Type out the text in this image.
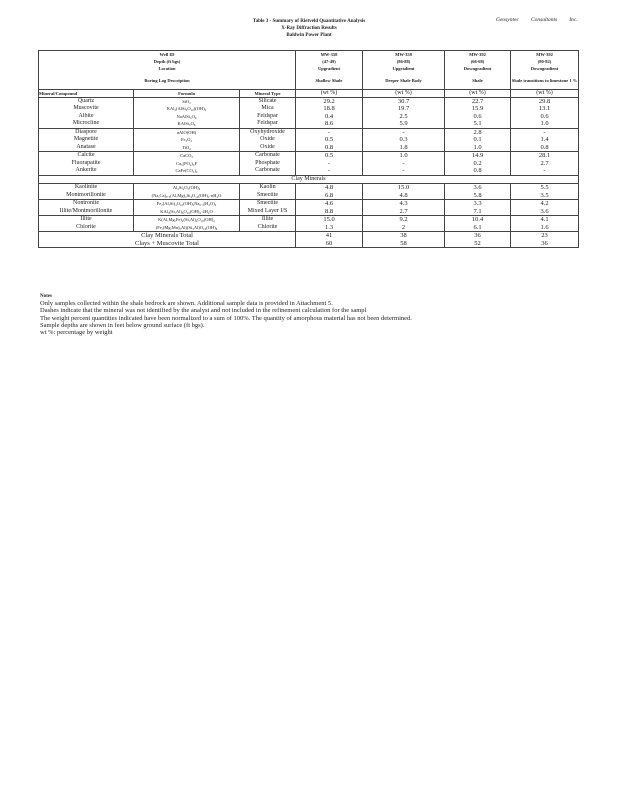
Table 3 - Summary of Rietveld Quantitative Analysis
X-Ray Diffraction Results
Baldwin Power Plant
Geosyntec Consultants Inc.
Well ID			MW-358	MW-358	MW-392	MW-392
Depth (ft bgs)			(47-49)	(86-88)	(66-68)	(80-82)
Location			Upgradient	Upgradient	Downgradient	Downgradient
Boring Log Description			Shallow Shale	Deeper Shale Body	Shale	Shale transitions to limestone 1 %
Mineral/Compound	Formula	Mineral Type	(wt %)	(wt %)	(wt %)	(wt %)
Quartz	SiO₂	Silicate	29.2	30.7	22.7	29.8
Muscovite	KAl₂(AlSi₃O₁₀)(OH)₂	Mica	18.8	19.7	15.9	13.1
Albite	NaAlSi₃O₈	Feldspar	0.4	2.5	0.6	0.6
Microcline	KAlSi₃O₈	Feldspar	8.6	5.9	5.1	1.0
Diaspore	αAlO(OH)	Oxyhydroxide	-	-	2.8	-
Magnetite	Fe₃O₄	Oxide	0.5	0.3	0.1	1.4
Anatase	TiO₂	Oxide	0.8	1.8	1.0	0.8
Calcite	CaCO₃	Carbonate	0.5	1.0	14.9	28.1
Fluorapatite	Ca₅(PO₄)₃F	Phosphate	-	-	0.2	2.7
Ankerite	CaFe(CO₃)₂	Carbonate	-	-	0.8	-
Clay Minerals						
Kaolinite	Al₂Si₂O₅(OH)₄	Kaolin	4.8	15.0	3.6	5.5
Montmorillonite	(Na,Ca)₀.₃(Al,Mg)₂Si₄O₁₀(OH)₂·nH₂O	Smectite	6.8	4.8	5.8	3.5
Nontronite	Fe₂(Al,Si)₄O₁₀(OH)₂Na₀.₃(H₂O)₄	Smectite	4.6	4.3	3.3	4.2
Illite/Montmorillonite	KAl₄(Si,Al)₈O₁₀(OH)₄·4H₂O	Mixed Layer I/S	8.8	2.7	7.1	3.6
Illite	K(Al,Mg,Fe)₂(Si,Al)₄O₁₀(OH)₂	Illite	15.0	9.2	10.4	4.1
Chlorite	(Fe,(Mg,Mn)₅Al)(Si₃Al)O₁₀(OH)₈	Chlorite	1.3	2	6.1	1.6
Clay Minerals Total			41	38	36	23
Clays + Muscovite Total			60	58	52	36
Notes
Only samples collected within the shale bedrock are shown. Additional sample data is provided in Attachment 5.
Dashes indicate that the mineral was not identified by the analyst and not included in the refinement calculation for the sampl
The weight percent quantities indicated have been normalized to a sum of 100%. The quantity of amorphous material has not been determined.
Sample depths are shown in feet below ground surface (ft bgs).
wt %: percentage by weight
